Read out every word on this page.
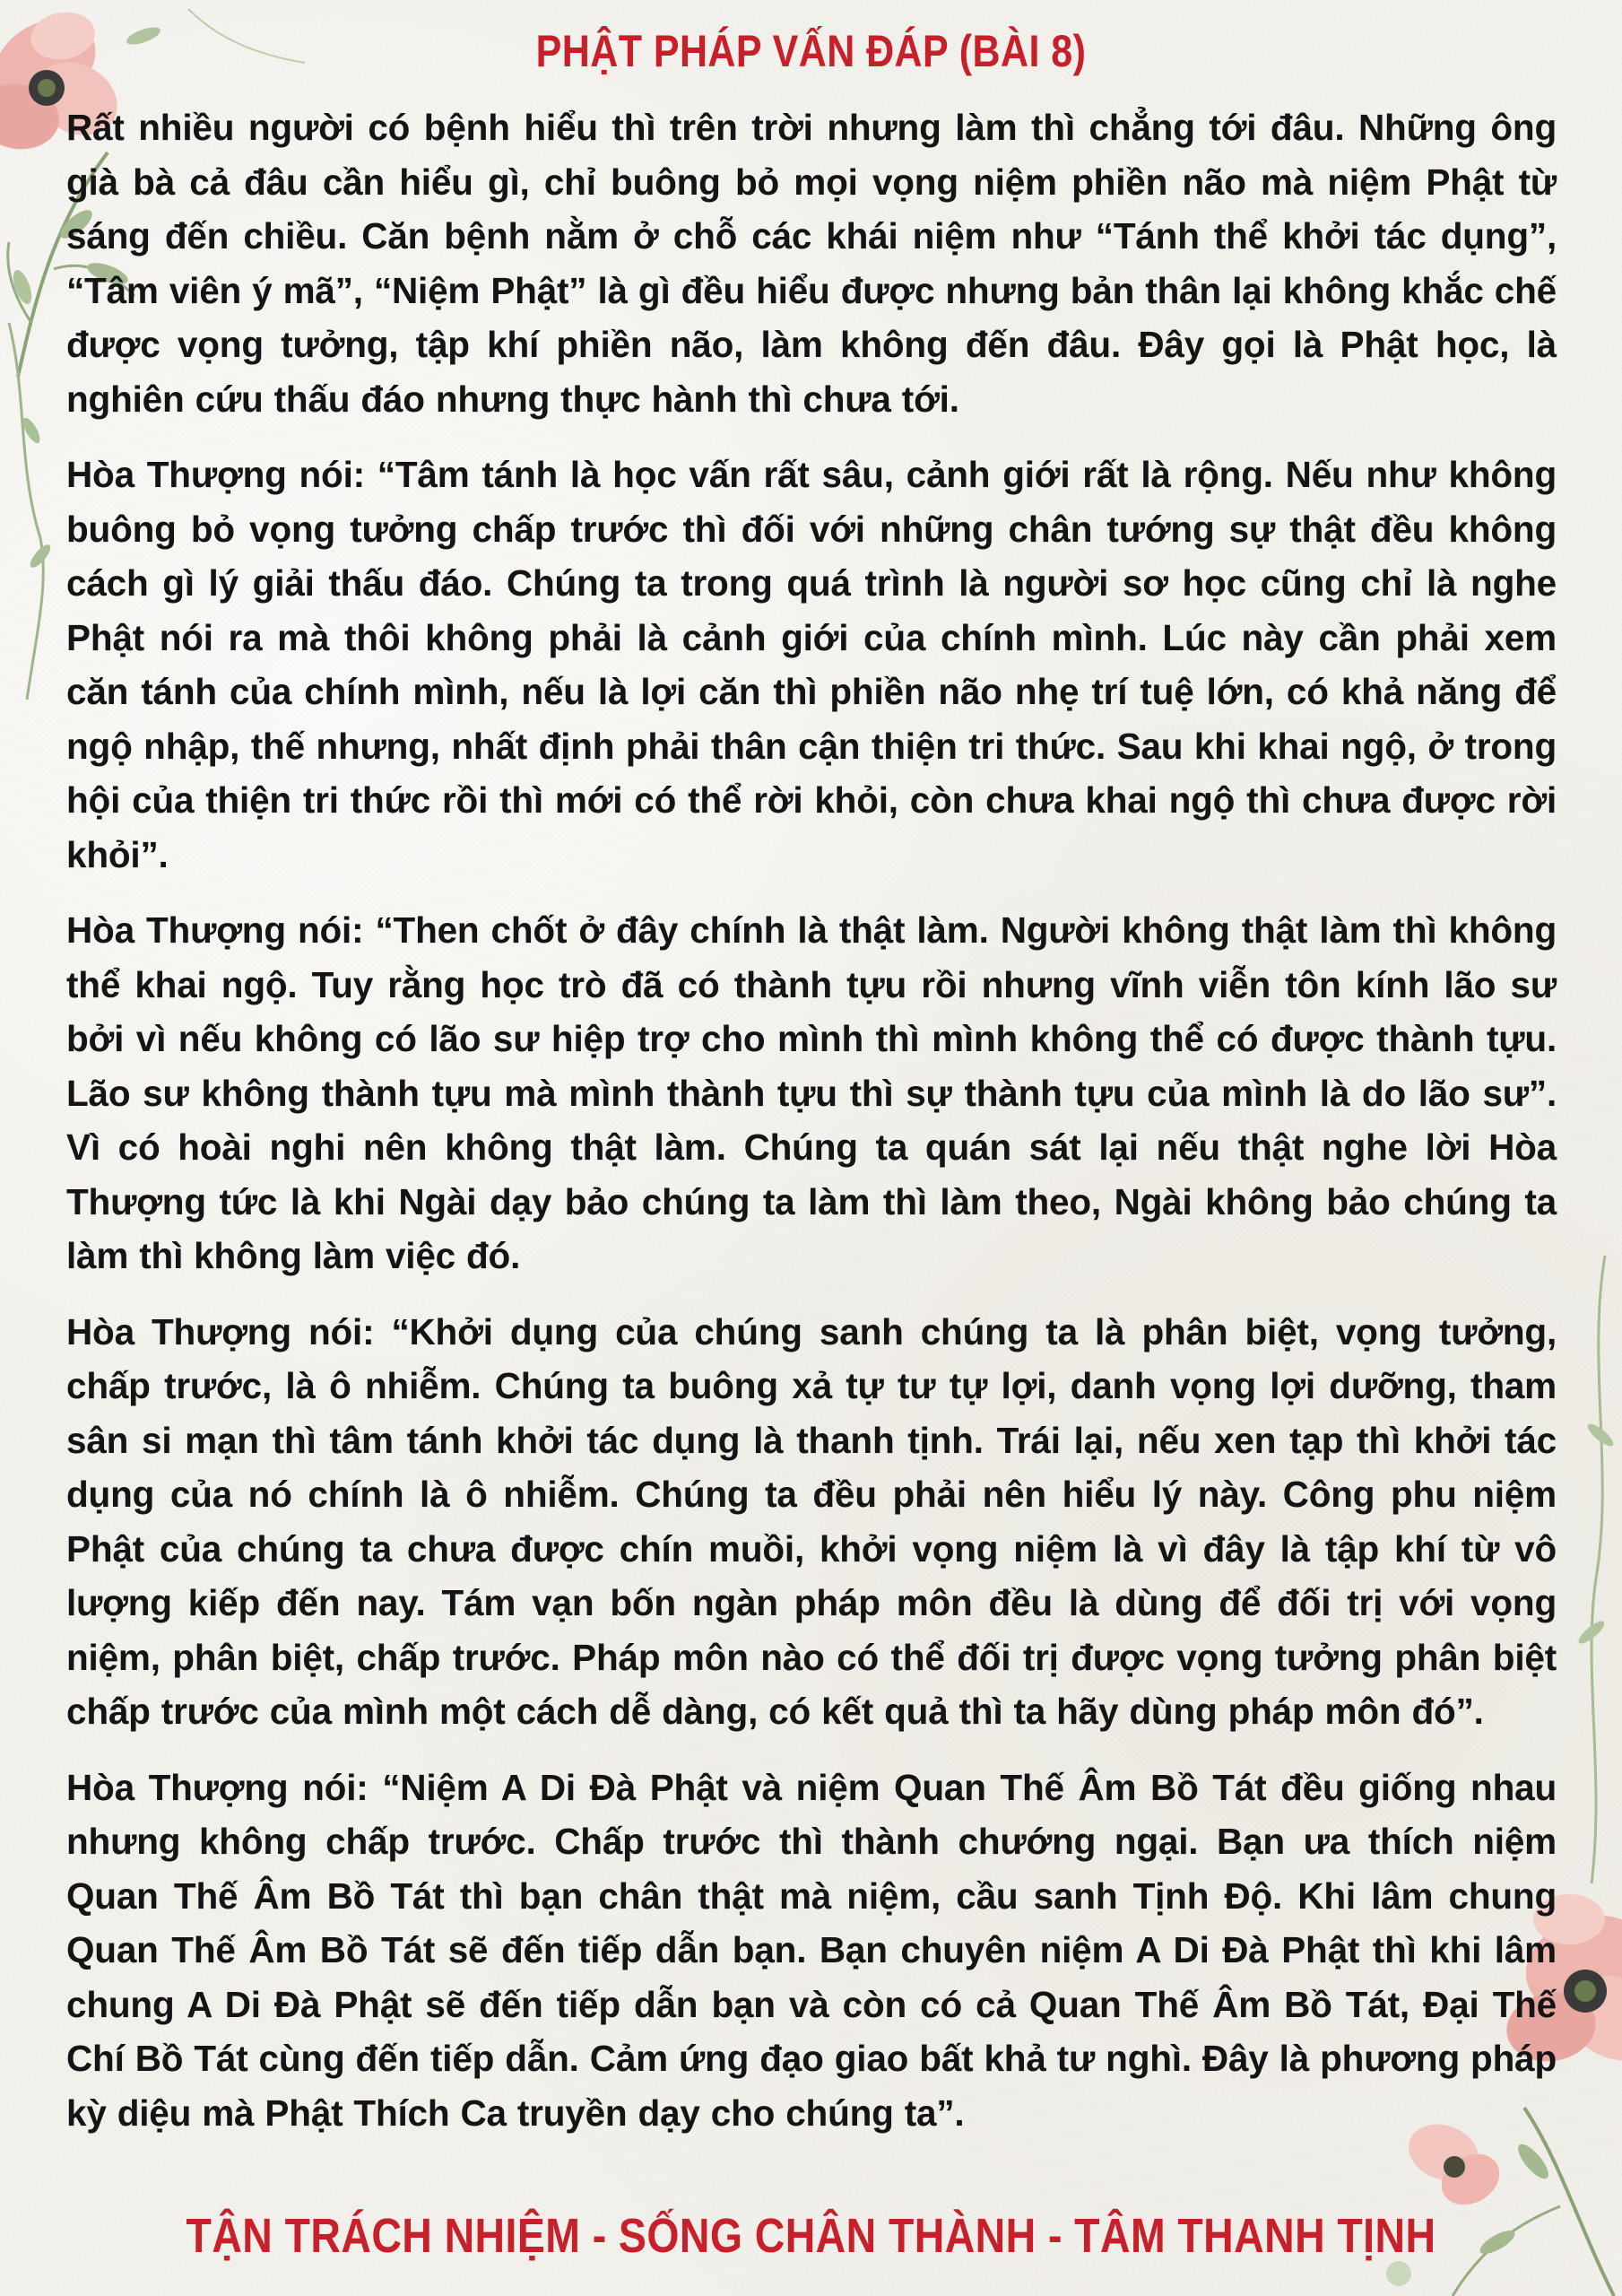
PHẬT PHÁP VẤN ĐÁP (BÀI 8)

Rất nhiều người có bệnh hiểu thì trên trời nhưng làm thì chẳng tới đâu. Những ông già bà cả đâu cần hiểu gì, chỉ buông bỏ mọi vọng niệm phiền não mà niệm Phật từ sáng đến chiều. Căn bệnh nằm ở chỗ các khái niệm như “Tánh thể khởi tác dụng”, “Tâm viên ý mã”, “Niệm Phật” là gì đều hiểu được nhưng bản thân lại không khắc chế được vọng tưởng, tập khí phiền não, làm không đến đâu. Đây gọi là Phật học, là nghiên cứu thấu đáo nhưng thực hành thì chưa tới.

Hòa Thượng nói: “Tâm tánh là học vấn rất sâu, cảnh giới rất là rộng. Nếu như không buông bỏ vọng tưởng chấp trước thì đối với những chân tướng sự thật đều không cách gì lý giải thấu đáo. Chúng ta trong quá trình là người sơ học cũng chỉ là nghe Phật nói ra mà thôi không phải là cảnh giới của chính mình. Lúc này cần phải xem căn tánh của chính mình, nếu là lợi căn thì phiền não nhẹ trí tuệ lớn, có khả năng để ngộ nhập, thế nhưng, nhất định phải thân cận thiện tri thức. Sau khi khai ngộ, ở trong hội của thiện tri thức rồi thì mới có thể rời khỏi, còn chưa khai ngộ thì chưa được rời khỏi”.

Hòa Thượng nói: “Then chốt ở đây chính là thật làm. Người không thật làm thì không thể khai ngộ. Tuy rằng học trò đã có thành tựu rồi nhưng vĩnh viễn tôn kính lão sư bởi vì nếu không có lão sư hiệp trợ cho mình thì mình không thể có được thành tựu. Lão sư không thành tựu mà mình thành tựu thì sự thành tựu của mình là do lão sư”. Vì có hoài nghi nên không thật làm. Chúng ta quán sát lại nếu thật nghe lời Hòa Thượng tức là khi Ngài dạy bảo chúng ta làm thì làm theo, Ngài không bảo chúng ta làm thì không làm việc đó.

Hòa Thượng nói: “Khởi dụng của chúng sanh chúng ta là phân biệt, vọng tưởng, chấp trước, là ô nhiễm. Chúng ta buông xả tự tư tự lợi, danh vọng lợi dưỡng, tham sân si mạn thì tâm tánh khởi tác dụng là thanh tịnh. Trái lại, nếu xen tạp thì khởi tác dụng của nó chính là ô nhiễm. Chúng ta đều phải nên hiểu lý này. Công phu niệm Phật của chúng ta chưa được chín muồi, khởi vọng niệm là vì đây là tập khí từ vô lượng kiếp đến nay. Tám vạn bốn ngàn pháp môn đều là dùng để đối trị với vọng niệm, phân biệt, chấp trước. Pháp môn nào có thể đối trị được vọng tưởng phân biệt chấp trước của mình một cách dễ dàng, có kết quả thì ta hãy dùng pháp môn đó”.

Hòa Thượng nói: “Niệm A Di Đà Phật và niệm Quan Thế Âm Bồ Tát đều giống nhau nhưng không chấp trước. Chấp trước thì thành chướng ngại. Bạn ưa thích niệm Quan Thế Âm Bồ Tát thì bạn chân thật mà niệm, cầu sanh Tịnh Độ. Khi lâm chung Quan Thế Âm Bồ Tát sẽ đến tiếp dẫn bạn. Bạn chuyên niệm A Di Đà Phật thì khi lâm chung A Di Đà Phật sẽ đến tiếp dẫn bạn và còn có cả Quan Thế Âm Bồ Tát, Đại Thế Chí Bồ Tát cùng đến tiếp dẫn. Cảm ứng đạo giao bất khả tư nghì. Đây là phương pháp kỳ diệu mà Phật Thích Ca truyền dạy cho chúng ta”.

TẬN TRÁCH NHIỆM - SỐNG CHÂN THÀNH - TÂM THANH TỊNH
